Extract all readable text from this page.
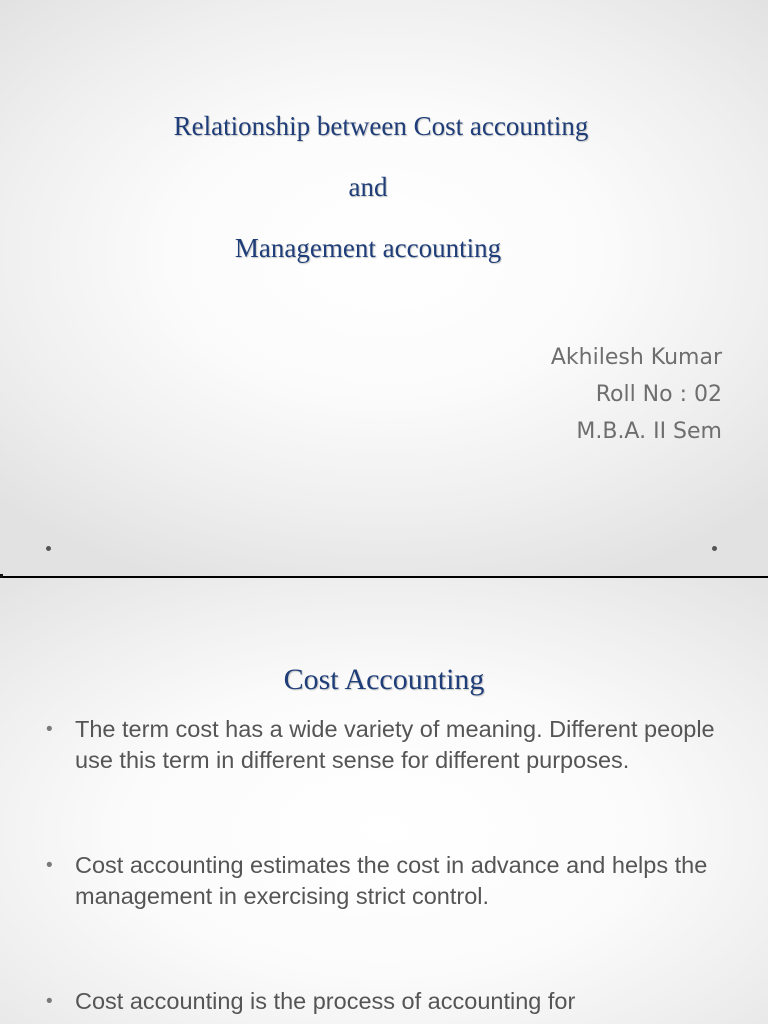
Relationship between Cost accounting
and
Management accounting

Akhilesh Kumar

Roll No : 02

M.B.A. II Sem

Cost Accounting
• The term cost has a wide variety of meaning. Different people use this term in different sense for different purposes.
• Cost accounting estimates the cost in advance and helps the management in exercising strict control.
• Cost accounting is the process of accounting for
